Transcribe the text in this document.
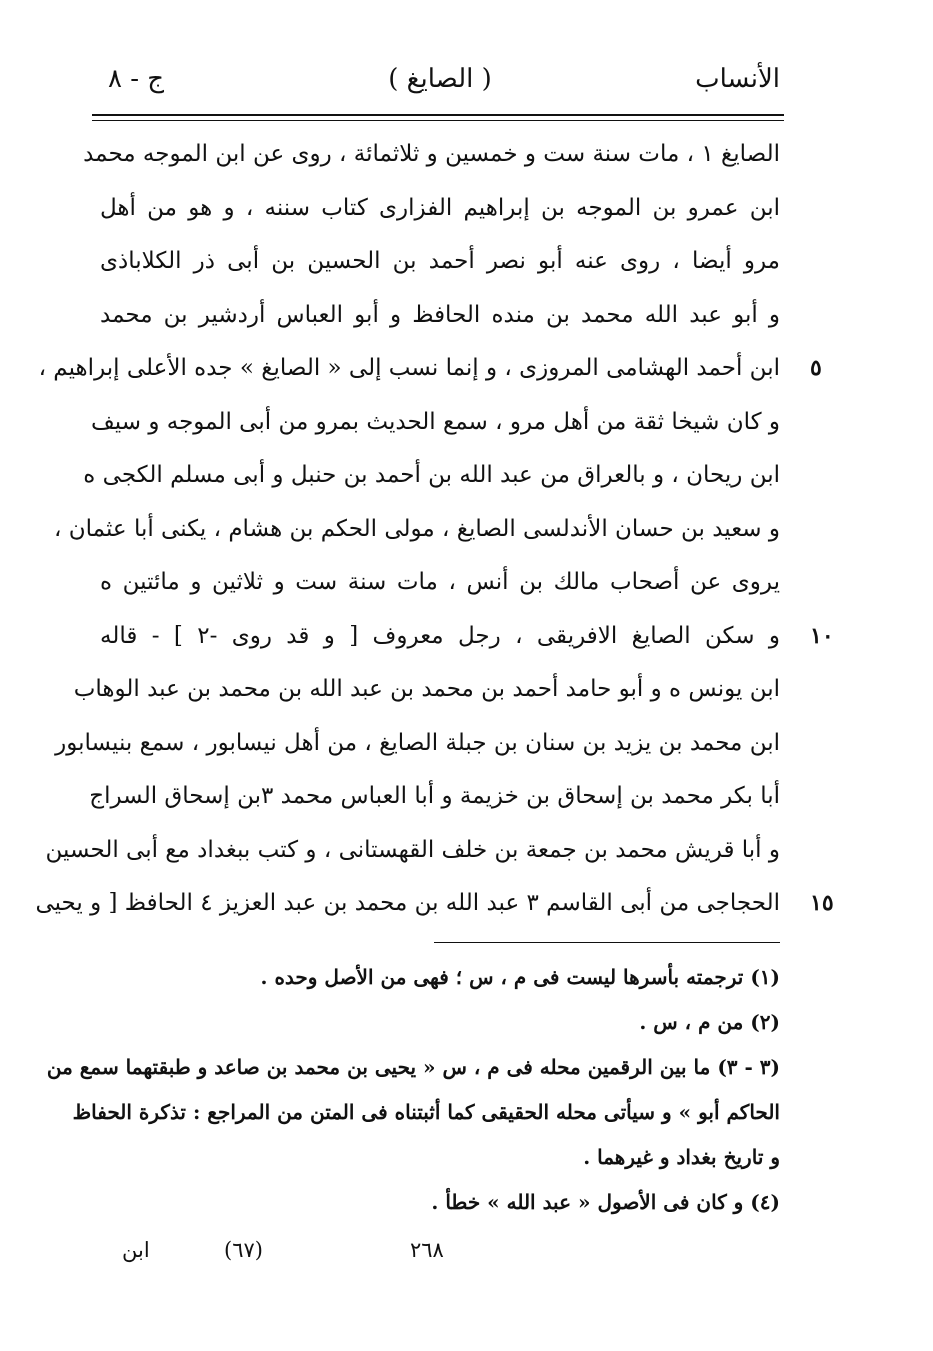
الأنساب
( الصايغ )
ج - ٨
الصايغ ١ ، مات سنة ست و خمسين و ثلاثمائة ، روى عن ابن الموجه محمد
ابن عمرو بن الموجه بن إبراهيم الفزارى كتاب سننه ، و هو من أهل
مرو أيضا ، روى عنه أبو نصر أحمد بن الحسين بن أبى ذر الكلاباذى
و أبو عبد الله محمد بن منده الحافظ و أبو العباس أردشير بن محمد
٥
ابن أحمد الهشامى المروزى ، و إنما نسب إلى « الصايغ » جده الأعلى إبراهيم ،
و كان شيخا ثقة من أهل مرو ، سمع الحديث بمرو من أبى الموجه و سيف
ابن ريحان ، و بالعراق من عبد الله بن أحمد بن حنبل و أبى مسلم الكجى ه
و سعيد بن حسان الأندلسى الصايغ ، مولى الحكم بن هشام ، يكنى أبا عثمان ،
يروى عن أصحاب مالك بن أنس ، مات سنة ست و ثلاثين و مائتين ه
١٠
و سكن الصايغ الافريقى ، رجل معروف [ و قد روى -٢ ] - قاله
ابن يونس ه و أبو حامد أحمد بن محمد بن عبد الله بن محمد بن عبد الوهاب
ابن محمد بن يزيد بن سنان بن جبلة الصايغ ، من أهل نيسابور ، سمع بنيسابور
أبا بكر محمد بن إسحاق بن خزيمة و أبا العباس محمد ٣بن إسحاق السراج
و أبا قريش محمد بن جمعة بن خلف القهستانى ، و كتب ببغداد مع أبى الحسين
١٥
الحجاجى من أبى القاسم ٣ عبد الله بن محمد بن عبد العزيز ٤ الحافظ [ و يحيى
(١) ترجمته بأسرها ليست فى م ، س ؛ فهى من الأصل وحده .
(٢) من م ، س .
(٣ - ٣) ما بين الرقمين محله فى م ، س « يحيى بن محمد بن صاعد و طبقتهما سمع من
الحاكم أبو » و سيأتى محله الحقيقى كما أثبتناه فى المتن من المراجع : تذكرة الحفاظ
و تاريخ بغداد و غيرهما .
(٤) و كان فى الأصول « عبد الله » خطأ .
٢٦٨
(٦٧)
ابن
